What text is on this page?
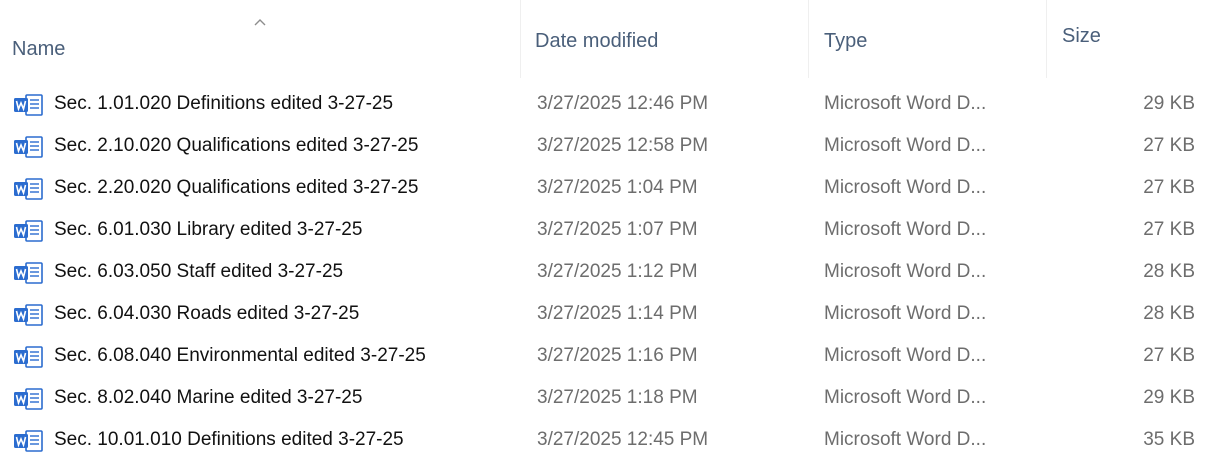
Name	Date modified	Type	Size
Sec. 1.01.020 Definitions edited 3-27-25	3/27/2025 12:46 PM	Microsoft Word D...	29 KB
Sec. 2.10.020 Qualifications edited 3-27-25	3/27/2025 12:58 PM	Microsoft Word D...	27 KB
Sec. 2.20.020 Qualifications edited 3-27-25	3/27/2025 1:04 PM	Microsoft Word D...	27 KB
Sec. 6.01.030 Library edited 3-27-25	3/27/2025 1:07 PM	Microsoft Word D...	27 KB
Sec. 6.03.050 Staff edited 3-27-25	3/27/2025 1:12 PM	Microsoft Word D...	28 KB
Sec. 6.04.030 Roads edited 3-27-25	3/27/2025 1:14 PM	Microsoft Word D...	28 KB
Sec. 6.08.040 Environmental edited 3-27-25	3/27/2025 1:16 PM	Microsoft Word D...	27 KB
Sec. 8.02.040 Marine edited 3-27-25	3/27/2025 1:18 PM	Microsoft Word D...	29 KB
Sec. 10.01.010 Definitions edited 3-27-25	3/27/2025 12:45 PM	Microsoft Word D...	35 KB
